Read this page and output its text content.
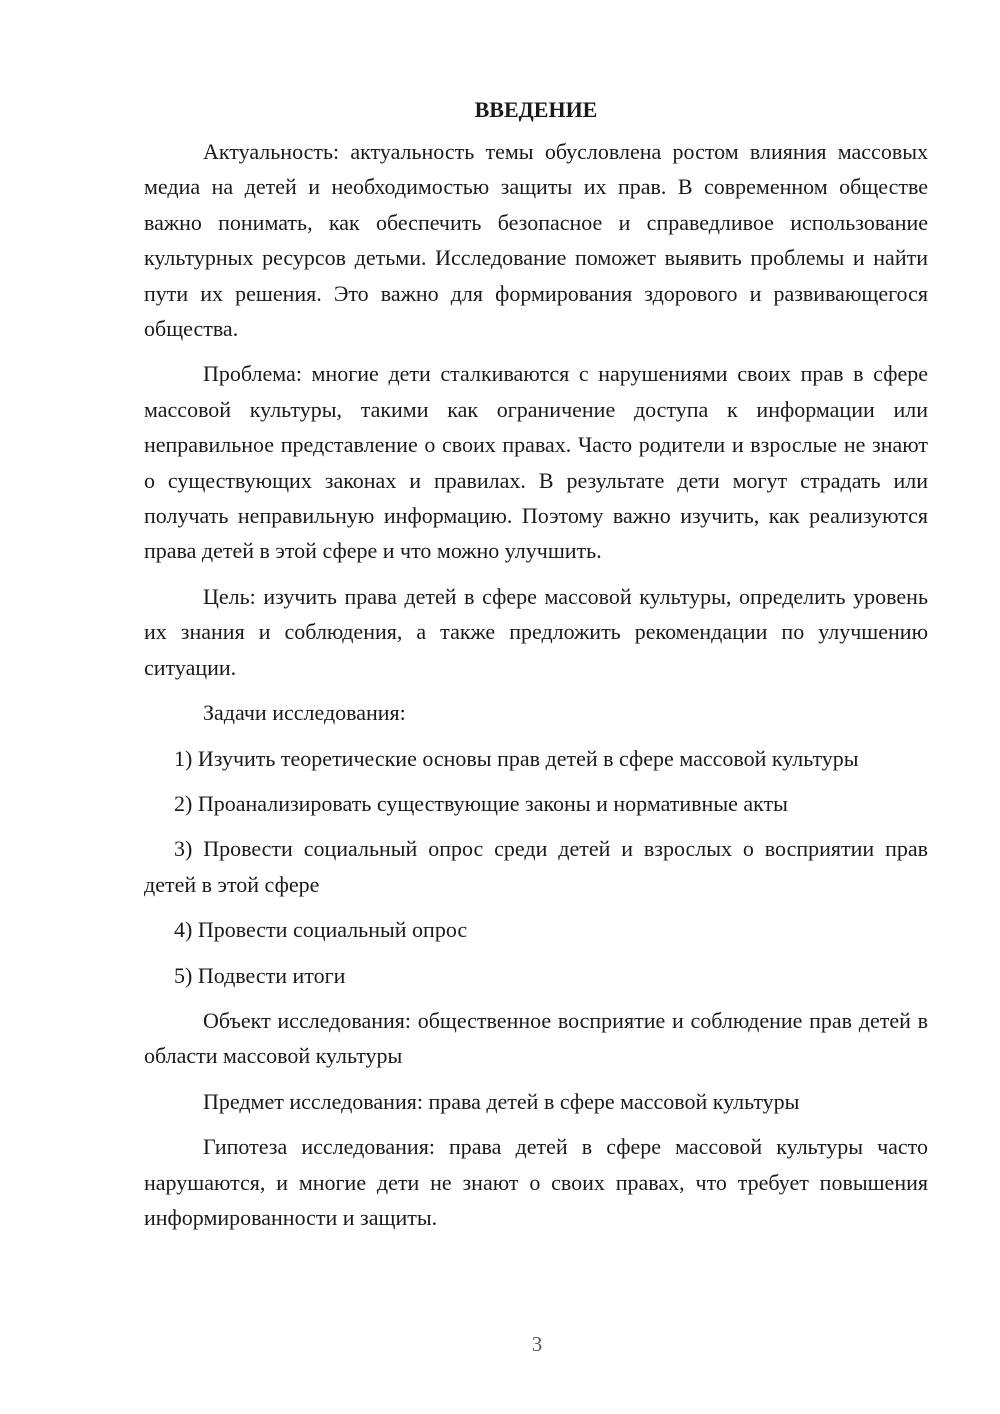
ВВЕДЕНИЕ

Актуальность: актуальность темы обусловлена ростом влияния массовых медиа на детей и необходимостью защиты их прав. В современном обществе важно понимать, как обеспечить безопасное и справедливое использование культурных ресурсов детьми. Исследование поможет выявить проблемы и найти пути их решения. Это важно для формирования здорового и развивающегося общества.

Проблема: многие дети сталкиваются с нарушениями своих прав в сфере массовой культуры, такими как ограничение доступа к информации или неправильное представление о своих правах. Часто родители и взрослые не знают о существующих законах и правилах. В результате дети могут страдать или получать неправильную информацию. Поэтому важно изучить, как реализуются права детей в этой сфере и что можно улучшить.

Цель: изучить права детей в сфере массовой культуры, определить уровень их знания и соблюдения, а также предложить рекомендации по улучшению ситуации.

Задачи исследования:

1) Изучить теоретические основы прав детей в сфере массовой культуры

2) Проанализировать существующие законы и нормативные акты

3) Провести социальный опрос среди детей и взрослых о восприятии прав детей в этой сфере

4) Провести социальный опрос

5) Подвести итоги

Объект исследования: общественное восприятие и соблюдение прав детей в области массовой культуры

Предмет исследования: права детей в сфере массовой культуры

Гипотеза исследования: права детей в сфере массовой культуры часто нарушаются, и многие дети не знают о своих правах, что требует повышения информированности и защиты.

3
